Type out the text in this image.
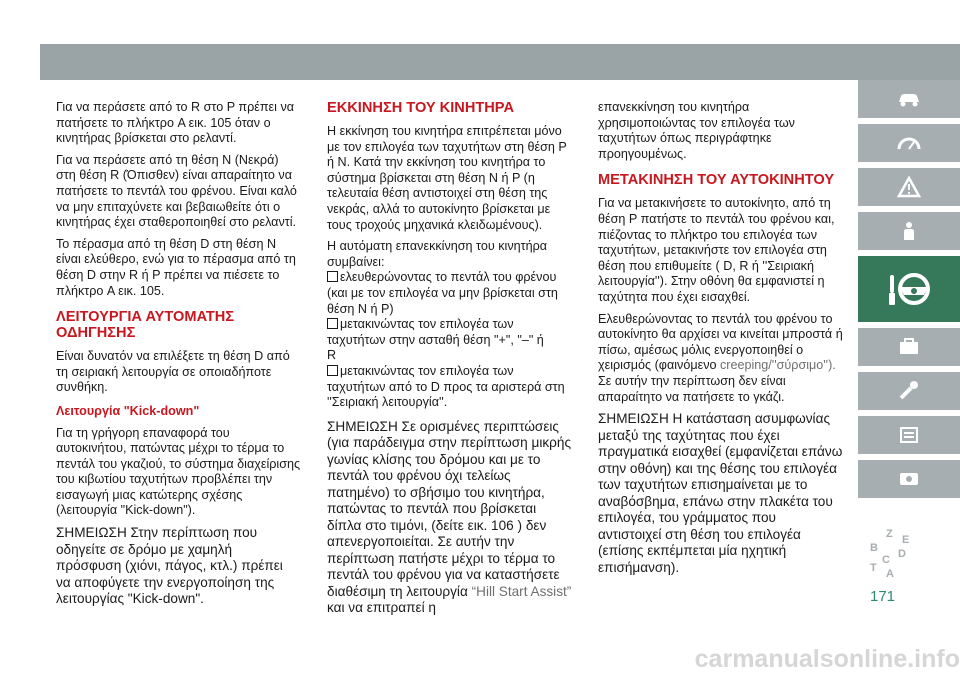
Για να περάσετε από το R στο P πρέπει να πατήσετε το πλήκτρο A εικ. 105 όταν ο κινητήρας βρίσκεται στο ρελαντί.

Για να περάσετε από τη θέση N (Νεκρά) στη θέση R (Όπισθεν) είναι απαραίτητο να πατήσετε το πεντάλ του φρένου. Είναι καλό να μην επιταχύνετε και βεβαιωθείτε ότι ο κινητήρας έχει σταθεροποιηθεί στο ρελαντί.

Το πέρασμα από τη θέση D στη θέση N είναι ελεύθερο, ενώ για το πέρασμα από τη θέση D στην R ή P πρέπει να πιέσετε το πλήκτρο A εικ. 105.

ΛΕΙΤΟΥΡΓΙΑ ΑΥΤΟΜΑΤΗΣ ΟΔΗΓΗΣΗΣ

Είναι δυνατόν να επιλέξετε τη θέση D από τη σειριακή λειτουργία σε οποιαδήποτε συνθήκη.

Λειτουργία "Kick-down"

Για τη γρήγορη επαναφορά του αυτοκινήτου, πατώντας μέχρι το τέρμα το πεντάλ του γκαζιού, το σύστημα διαχείρισης του κιβωτίου ταχυτήτων προβλέπει την εισαγωγή μιας κατώτερης σχέσης (λειτουργία "Kick-down").

ΣΗΜΕΙΩΣΗ Στην περίπτωση που οδηγείτε σε δρόμο με χαμηλή πρόσφυση (χιόνι, πάγος, κτλ.) πρέπει να αποφύγετε την ενεργοποίηση της λειτουργίας "Kick-down".

ΕΚΚΙΝΗΣΗ ΤΟΥ ΚΙΝΗΤΗΡΑ

Η εκκίνηση του κινητήρα επιτρέπεται μόνο με τον επιλογέα των ταχυτήτων στη θέση P ή N. Κατά την εκκίνηση του κινητήρα το σύστημα βρίσκεται στη θέση N ή P (η τελευταία θέση αντιστοιχεί στη θέση της νεκράς, αλλά το αυτοκίνητο βρίσκεται με τους τροχούς μηχανικά κλειδωμένους).

Η αυτόματη επανεκκίνηση του κινητήρα συμβαίνει:

ελευθερώνοντας το πεντάλ του φρένου (και με τον επιλογέα να μην βρίσκεται στη θέση N ή P)
μετακινώντας τον επιλογέα των ταχυτήτων στην ασταθή θέση "+", "–" ή
R
μετακινώντας τον επιλογέα των ταχυτήτων από το D προς τα αριστερά στη ''Σειριακή λειτουργία''.

ΣΗΜΕΙΩΣΗ Σε ορισμένες περιπτώσεις (για παράδειγμα στην περίπτωση μικρής γωνίας κλίσης του δρόμου και με το πεντάλ του φρένου όχι τελείως πατημένο) το σβήσιμο του κινητήρα, πατώντας το πεντάλ που βρίσκεται δίπλα στο τιμόνι, (δείτε εικ. 106 ) δεν απενεργοποιείται. Σε αυτήν την περίπτωση πατήστε μέχρι το τέρμα το πεντάλ του φρένου για να καταστήσετε διαθέσιμη τη λειτουργία “Hill Start Assist” και να επιτραπεί η

επανεκκίνηση του κινητήρα χρησιμοποιώντας τον επιλογέα των ταχυτήτων όπως περιγράφτηκε προηγουμένως.

ΜΕΤΑΚΙΝΗΣΗ ΤΟΥ ΑΥΤΟΚΙΝΗΤΟΥ

Για να μετακινήσετε το αυτοκίνητο, από τη θέση P πατήστε το πεντάλ του φρένου και, πιέζοντας το πλήκτρο του επιλογέα των ταχυτήτων, μετακινήστε τον επιλογέα στη θέση που επιθυμείτε ( D, R ή ''Σειριακή λειτουργία''). Στην οθόνη θα εμφανιστεί η ταχύτητα που έχει εισαχθεί.

Ελευθερώνοντας το πεντάλ του φρένου το αυτοκίνητο θα αρχίσει να κινείται μπροστά ή πίσω, αμέσως μόλις ενεργοποιηθεί ο χειρισμός (φαινόμενο creeping/''σύρσιμο''). Σε αυτήν την περίπτωση δεν είναι απαραίτητο να πατήσετε το γκάζι.

ΣΗΜΕΙΩΣΗ Η κατάσταση ασυμφωνίας μεταξύ της ταχύτητας που έχει πραγματικά εισαχθεί (εμφανίζεται επάνω στην οθόνη) και της θέσης του επιλογέα των ταχυτήτων επισημαίνεται με το αναβόσβημα, επάνω στην πλακέτα του επιλογέα, του γράμματος που αντιστοιχεί στη θέση του επιλογέα (επίσης εκπέμπεται μία ηχητική επισήμανση).

Z E
B D
C
T A
171
carmanualsonline.info
